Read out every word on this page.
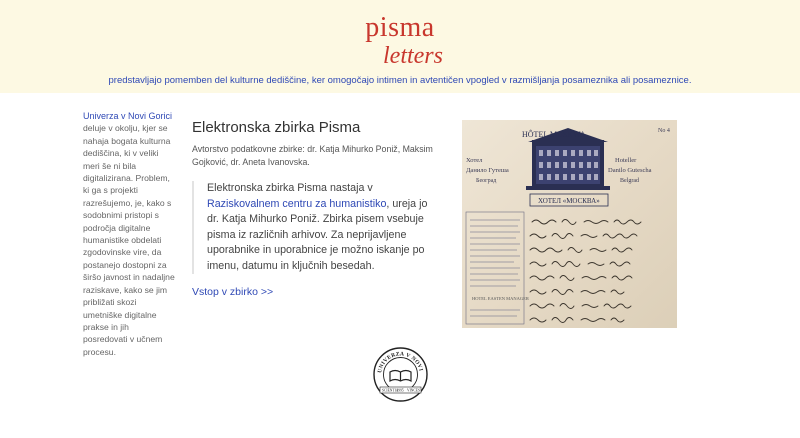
pisma
letters
predstavljajo pomemben del kulturne dediščine, ker omogočajo intimen in avtentičen vpogled v razmišljanja posameznika ali posameznice.
Univerza v Novi Gorici
deluje v okolju, kjer se nahaja bogata kulturna dediščina, ki v veliki meri še ni bila digitalizirana. Problem, ki ga s projekti razrešujemo, je, kako s sodobnimi pristopi s področja digitalne humanistike obdelati zgodovinske vire, da postanejo dostopni za širšo javnost in nadaljne raziskave, kako se jim približati skozi umetniške digitalne prakse in jih posredovati v učnem procesu.
Elektronska zbirka Pisma

Avtorstvo podatkovne zbirke: dr. Katja Mihurko Poniž, Maksim Gojković, dr. Aneta Ivanovska.

Elektronska zbirka Pisma nastaja v Raziskovalnem centru za humanistiko, ureja jo dr. Katja Mihurko Poniž. Zbirka pisem vsebuje pisma iz različnih arhivov. Za neprijavljene uporabnike in uporabnice je možno iskanje po imenu, datumu in ključnih besedah.
Vstop v zbirko >>
HÔTEL MOSKWA
Хотел
Данило Гутеша
Београд
Hoteller
Danilo Gutescha
Belgrad
No 4
ХОТЕЛ «МОСКВА»
HOTEL EASTEN MANAGER
UNIVERZA V NOVI
SCIENTIA
1995 VINCES
